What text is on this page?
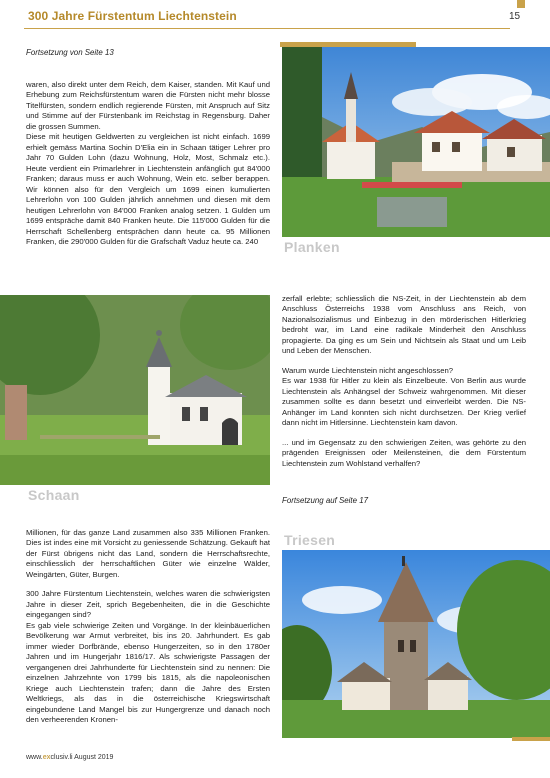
300 Jahre Fürstentum Liechtenstein	15
Fortsetzung von Seite 13

waren, also direkt unter dem Reich, dem Kaiser, standen. Mit Kauf und Erhebung zum Reichsfürstentum waren die Fürsten nicht mehr blosse Titelfürsten, sondern endlich regierende Fürsten, mit Anspruch auf Sitz und Stimme auf der Fürstenbank im Reichstag in Regensburg. Daher die grossen Summen.

Diese mit heutigen Geldwerten zu vergleichen ist nicht einfach. 1699 erhielt gemäss Martina Sochin D'Elia ein in Schaan tätiger Lehrer pro Jahr 70 Gulden Lohn (dazu Wohnung, Holz, Most, Schmalz etc.). Heute verdient ein Primarlehrer in Liechtenstein anfänglich gut 84'000 Franken; daraus muss er auch Wohnung, Wein etc. selber berappen. Wir können also für den Vergleich um 1699 einen kumulierten Lehrerlohn von 100 Gulden jährlich annehmen und diesen mit dem heutigen Lehrerlohn von 84'000 Franken analog setzen. 1 Gulden um 1699 entspräche damit 840 Franken heute. Die 115'000 Gulden für die Herrschaft Schellenberg entsprächen dann heute ca. 95 Millionen Franken, die 290'000 Gulden für die Grafschaft Vaduz heute ca. 240	Planken
Schaan

zerfall erlebte; schliesslich die NS-Zeit, in der Liechtenstein ab dem Anschluss Österreichs 1938 vom Anschluss ans Reich, von Nazionalsozialismus und Einbezug in den mörderischen Hitlerkrieg bedroht war, im Land eine radikale Minderheit den Anschluss propagierte. Da ging es um Sein und Nichtsein als Staat und um Leib und Leben der Menschen.

Warum wurde Liechtenstein nicht angeschlossen?

Es war 1938 für Hitler zu klein als Einzelbeute. Von Berlin aus wurde Liechtenstein als Anhängsel der Schweiz wahrgenommen. Mit dieser zusammen sollte es dann besetzt und einverleibt werden. Die NS-Anhänger im Land konnten sich nicht durchsetzen. Der Krieg verlief dann nicht im Hitlersinne. Liechtenstein kam davon.

... und im Gegensatz zu den schwierigen Zeiten, was gehörte zu den prägenden Ereignissen oder Meilensteinen, die dem Fürstentum Liechtenstein zum Wohlstand verhalfen?

Fortsetzung auf Seite 17

Millionen, für das ganze Land zusammen also 335 Millionen Franken. Dies ist indes eine mit Vorsicht zu geniessende Schätzung. Gekauft hat der Fürst übrigens nicht das Land, sondern die Herrschaftsrechte, einschliesslich der herrschaftlichen Güter wie einzelne Wälder, Weingärten, Güter, Burgen.

300 Jahre Fürstentum Liechtenstein, welches waren die schwierigsten Jahre in dieser Zeit, sprich Begebenheiten, die in die Geschichte eingegangen sind?

Es gab viele schwierige Zeiten und Vorgänge. In der kleinbäuerlichen Bevölkerung war Armut verbreitet, bis ins 20. Jahrhundert. Es gab immer wieder Dorfbrände, ebenso Hungerzeiten, so in den 1780er Jahren und im Hungerjahr 1816/17. Als schwierigste Passagen der vergangenen drei Jahrhunderte für Liechtenstein sind zu nennen: Die einzelnen Jahrzehnte von 1799 bis 1815, als die napoleonischen Kriege auch Liechtenstein trafen; dann die Jahre des Ersten Weltkriegs, als das in die österreichische Kriegswirtschaft eingebundene Land Mangel bis zur Hungergrenze und danach noch den verheerenden Kronen-

Triesen
www.exclusiv.li August 2019
